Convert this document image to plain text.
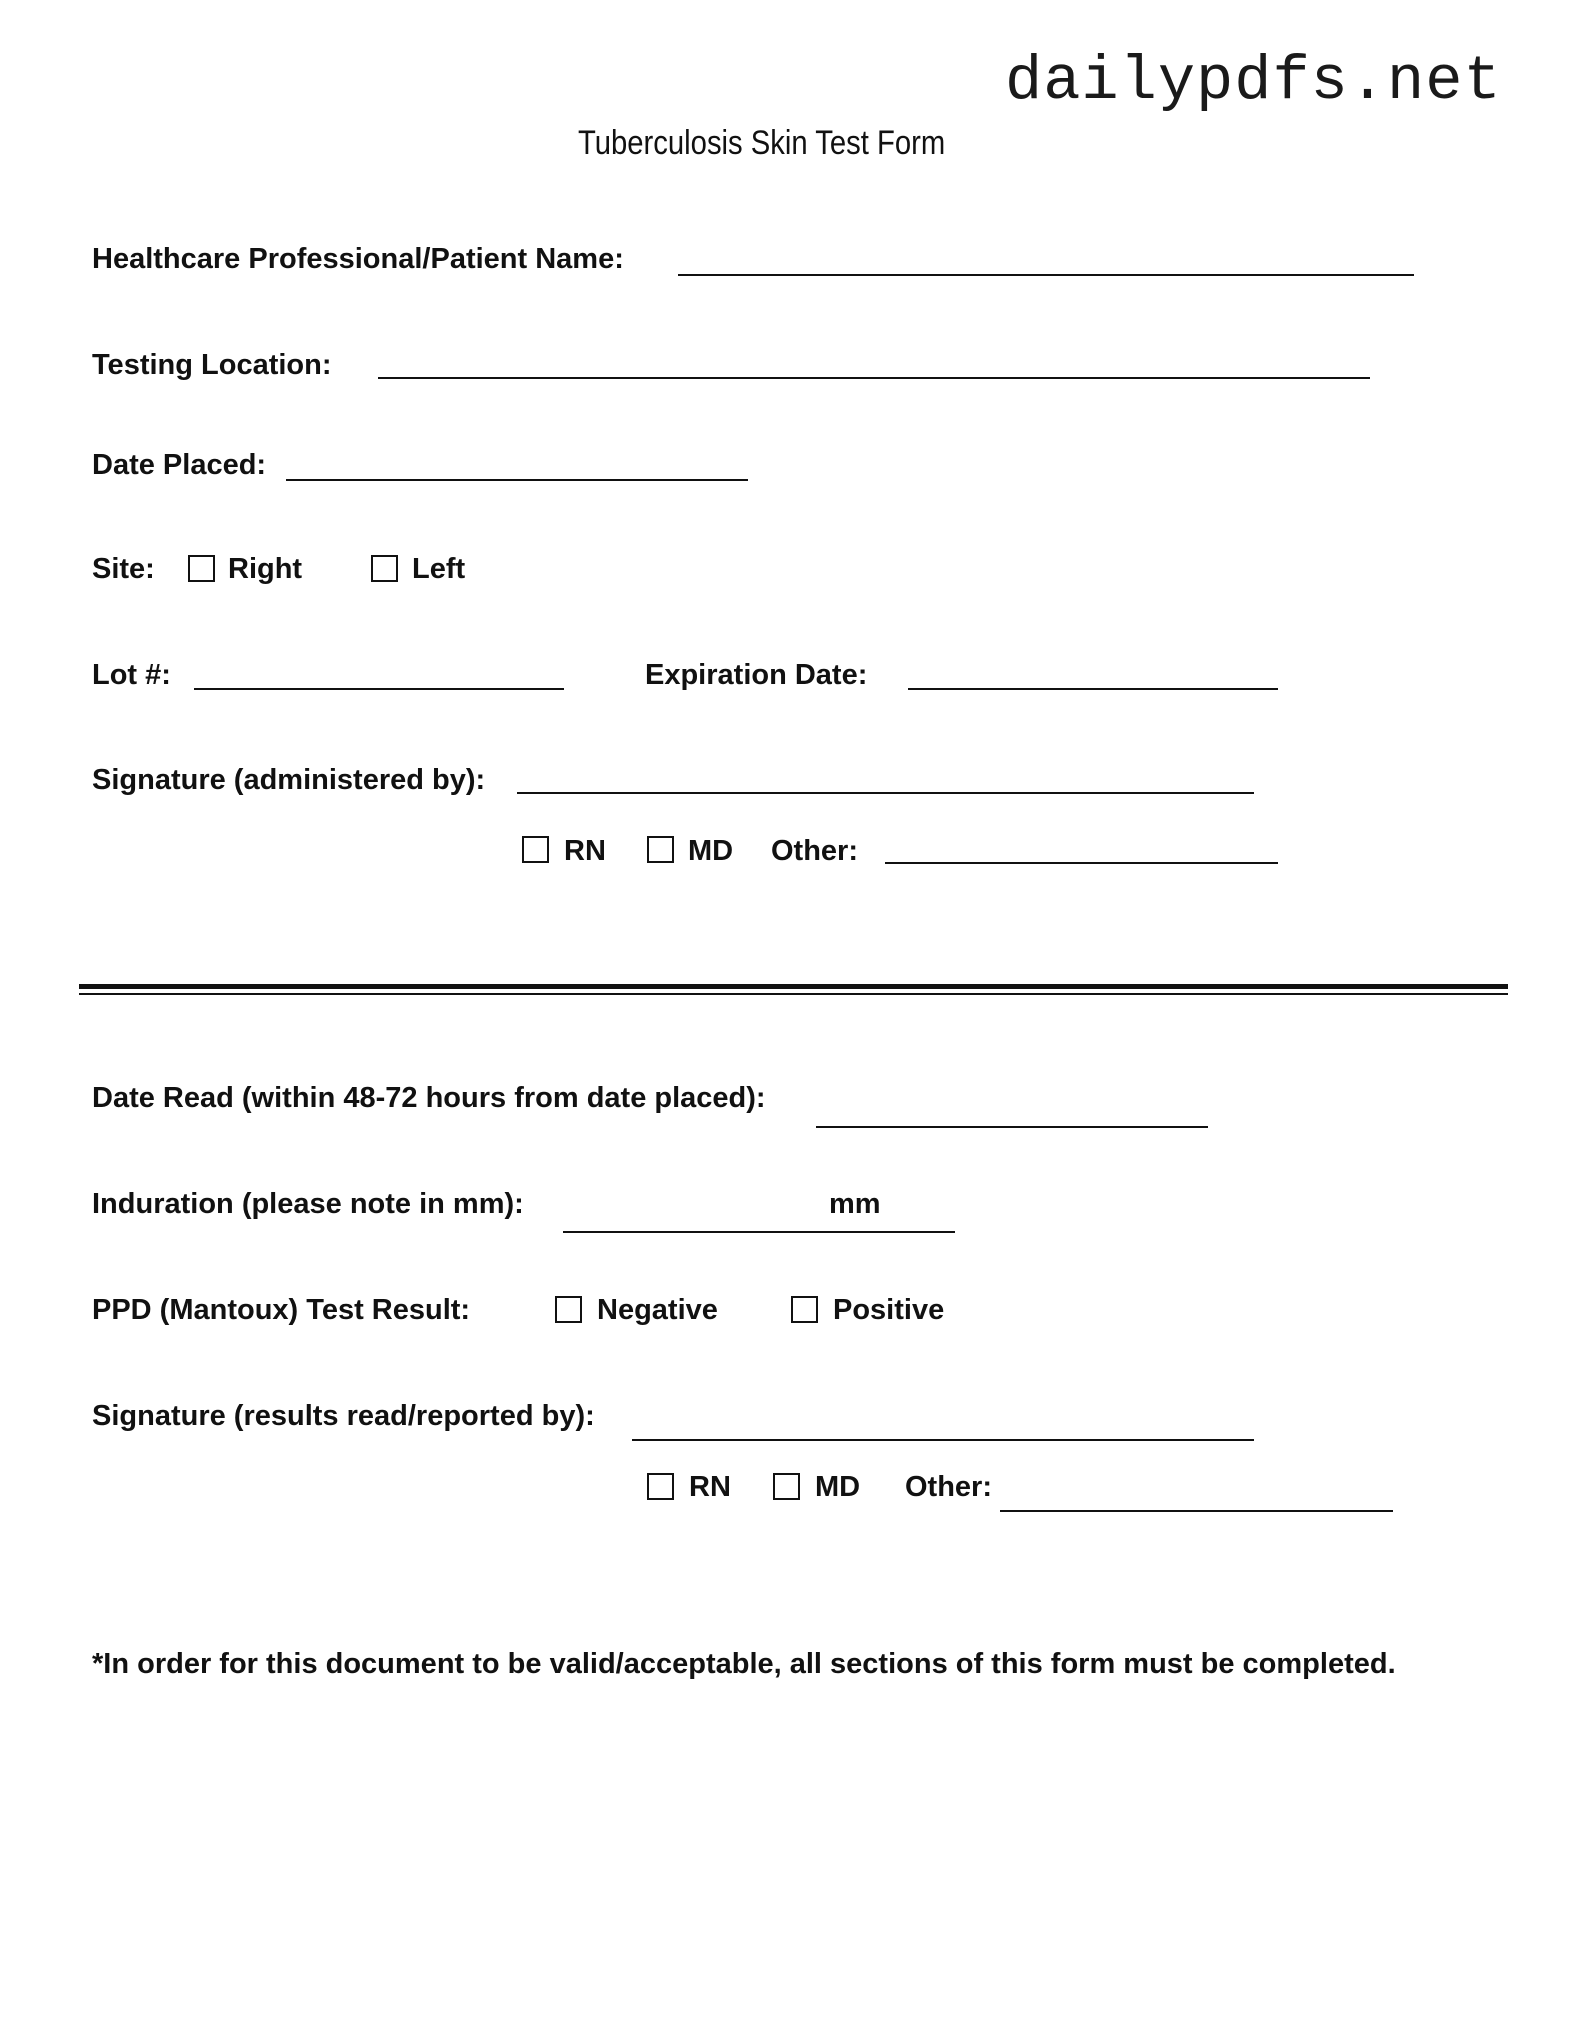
dailypdfs.net
Tuberculosis Skin Test Form
Healthcare Professional/Patient Name:
Testing Location:
Date Placed:
Site:	Right	Left
Lot #:	Expiration Date:
Signature (administered by):
RN	MD Other:
Date Read (within 48-72 hours from date placed):
Induration (please note in mm):	mm
PPD (Mantoux) Test Result:	Negative	Positive
Signature (results read/reported by):
RN	MD Other:
*In order for this document to be valid/acceptable, all sections of this form must be completed.
